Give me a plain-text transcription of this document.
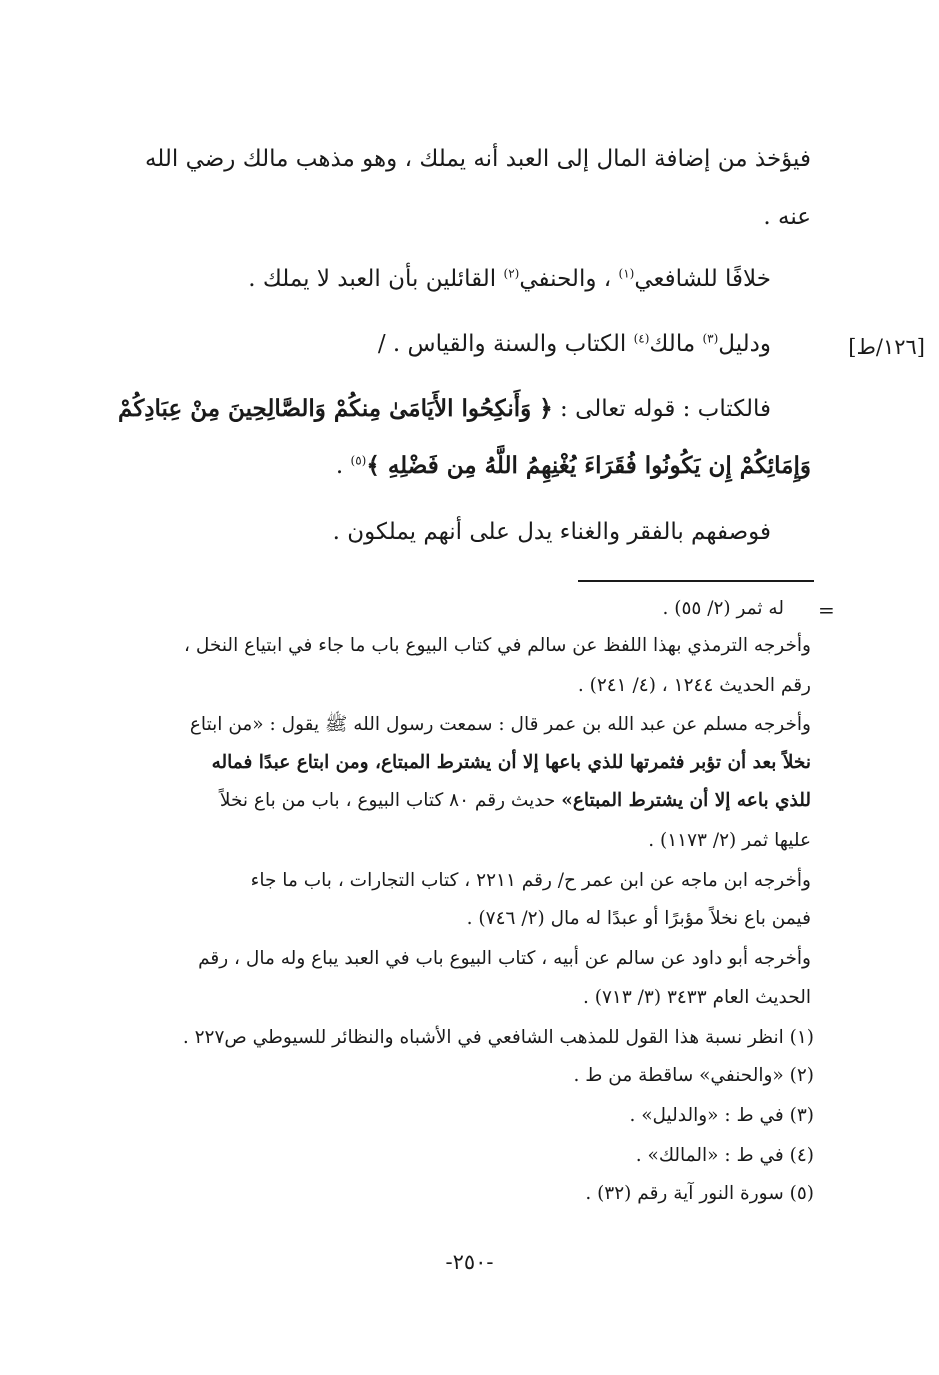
فيؤخذ من إضافة المال إلى العبد أنه يملك ، وهو مذهب مالك رضي الله
عنه .
خلافًا للشافعي$^{(١)}$ ، والحنفي$^{(٢)}$ القائلين بأن العبد لا يملك .
ودليل$^{(٣)}$ مالك$^{(٤)}$ الكتاب والسنة والقياس . /	[١٢٦/ط]
فالكتاب : قوله تعالى : ﴿ وَأَنكِحُوا الأَيَامَىٰ مِنكُمْ وَالصَّالِحِينَ مِنْ عِبَادِكُمْ
وَإِمَائِكُمْ إِن يَكُونُوا فُقَرَاءَ يُغْنِهِمُ اللَّهُ مِن فَضْلِهِ ﴾$^{(٥)}$ .
فوصفهم بالفقر والغناء يدل على أنهم يملكون .
=
له ثمر (٢/ ٥٥) .
وأخرجه الترمذي بهذا اللفظ عن سالم في كتاب البيوع باب ما جاء في ابتياع النخل ،
رقم الحديث ١٢٤٤ ، (٤/ ٢٤١) .
وأخرجه مسلم عن عبد الله بن عمر قال : سمعت رسول الله ﷺ يقول : «من ابتاع
نخلاً بعد أن تؤبر فثمرتها للذي باعها إلا أن يشترط المبتاع، ومن ابتاع عبدًا فماله
للذي باعه إلا أن يشترط المبتاع» حديث رقم ٨٠ كتاب البيوع ، باب من باع نخلاً
عليها ثمر (٢/ ١١٧٣) .
وأخرجه ابن ماجه عن ابن عمر ح/ رقم ٢٢١١ ، كتاب التجارات ، باب ما جاء
فيمن باع نخلاً مؤبرًا أو عبدًا له مال (٢/ ٧٤٦) .
وأخرجه أبو داود عن سالم عن أبيه ، كتاب البيوع باب في العبد يباع وله مال ، رقم
الحديث العام ٣٤٣٣ (٣/ ٧١٣) .
(١) انظر نسبة هذا القول للمذهب الشافعي في الأشباه والنظائر للسيوطي ص٢٢٧ .
(٢) «والحنفي» ساقطة من ط .
(٣) في ط : «والدليل» .
(٤) في ط : «المالك» .
(٥) سورة النور آية رقم (٣٢) .
-٢٥٠-
